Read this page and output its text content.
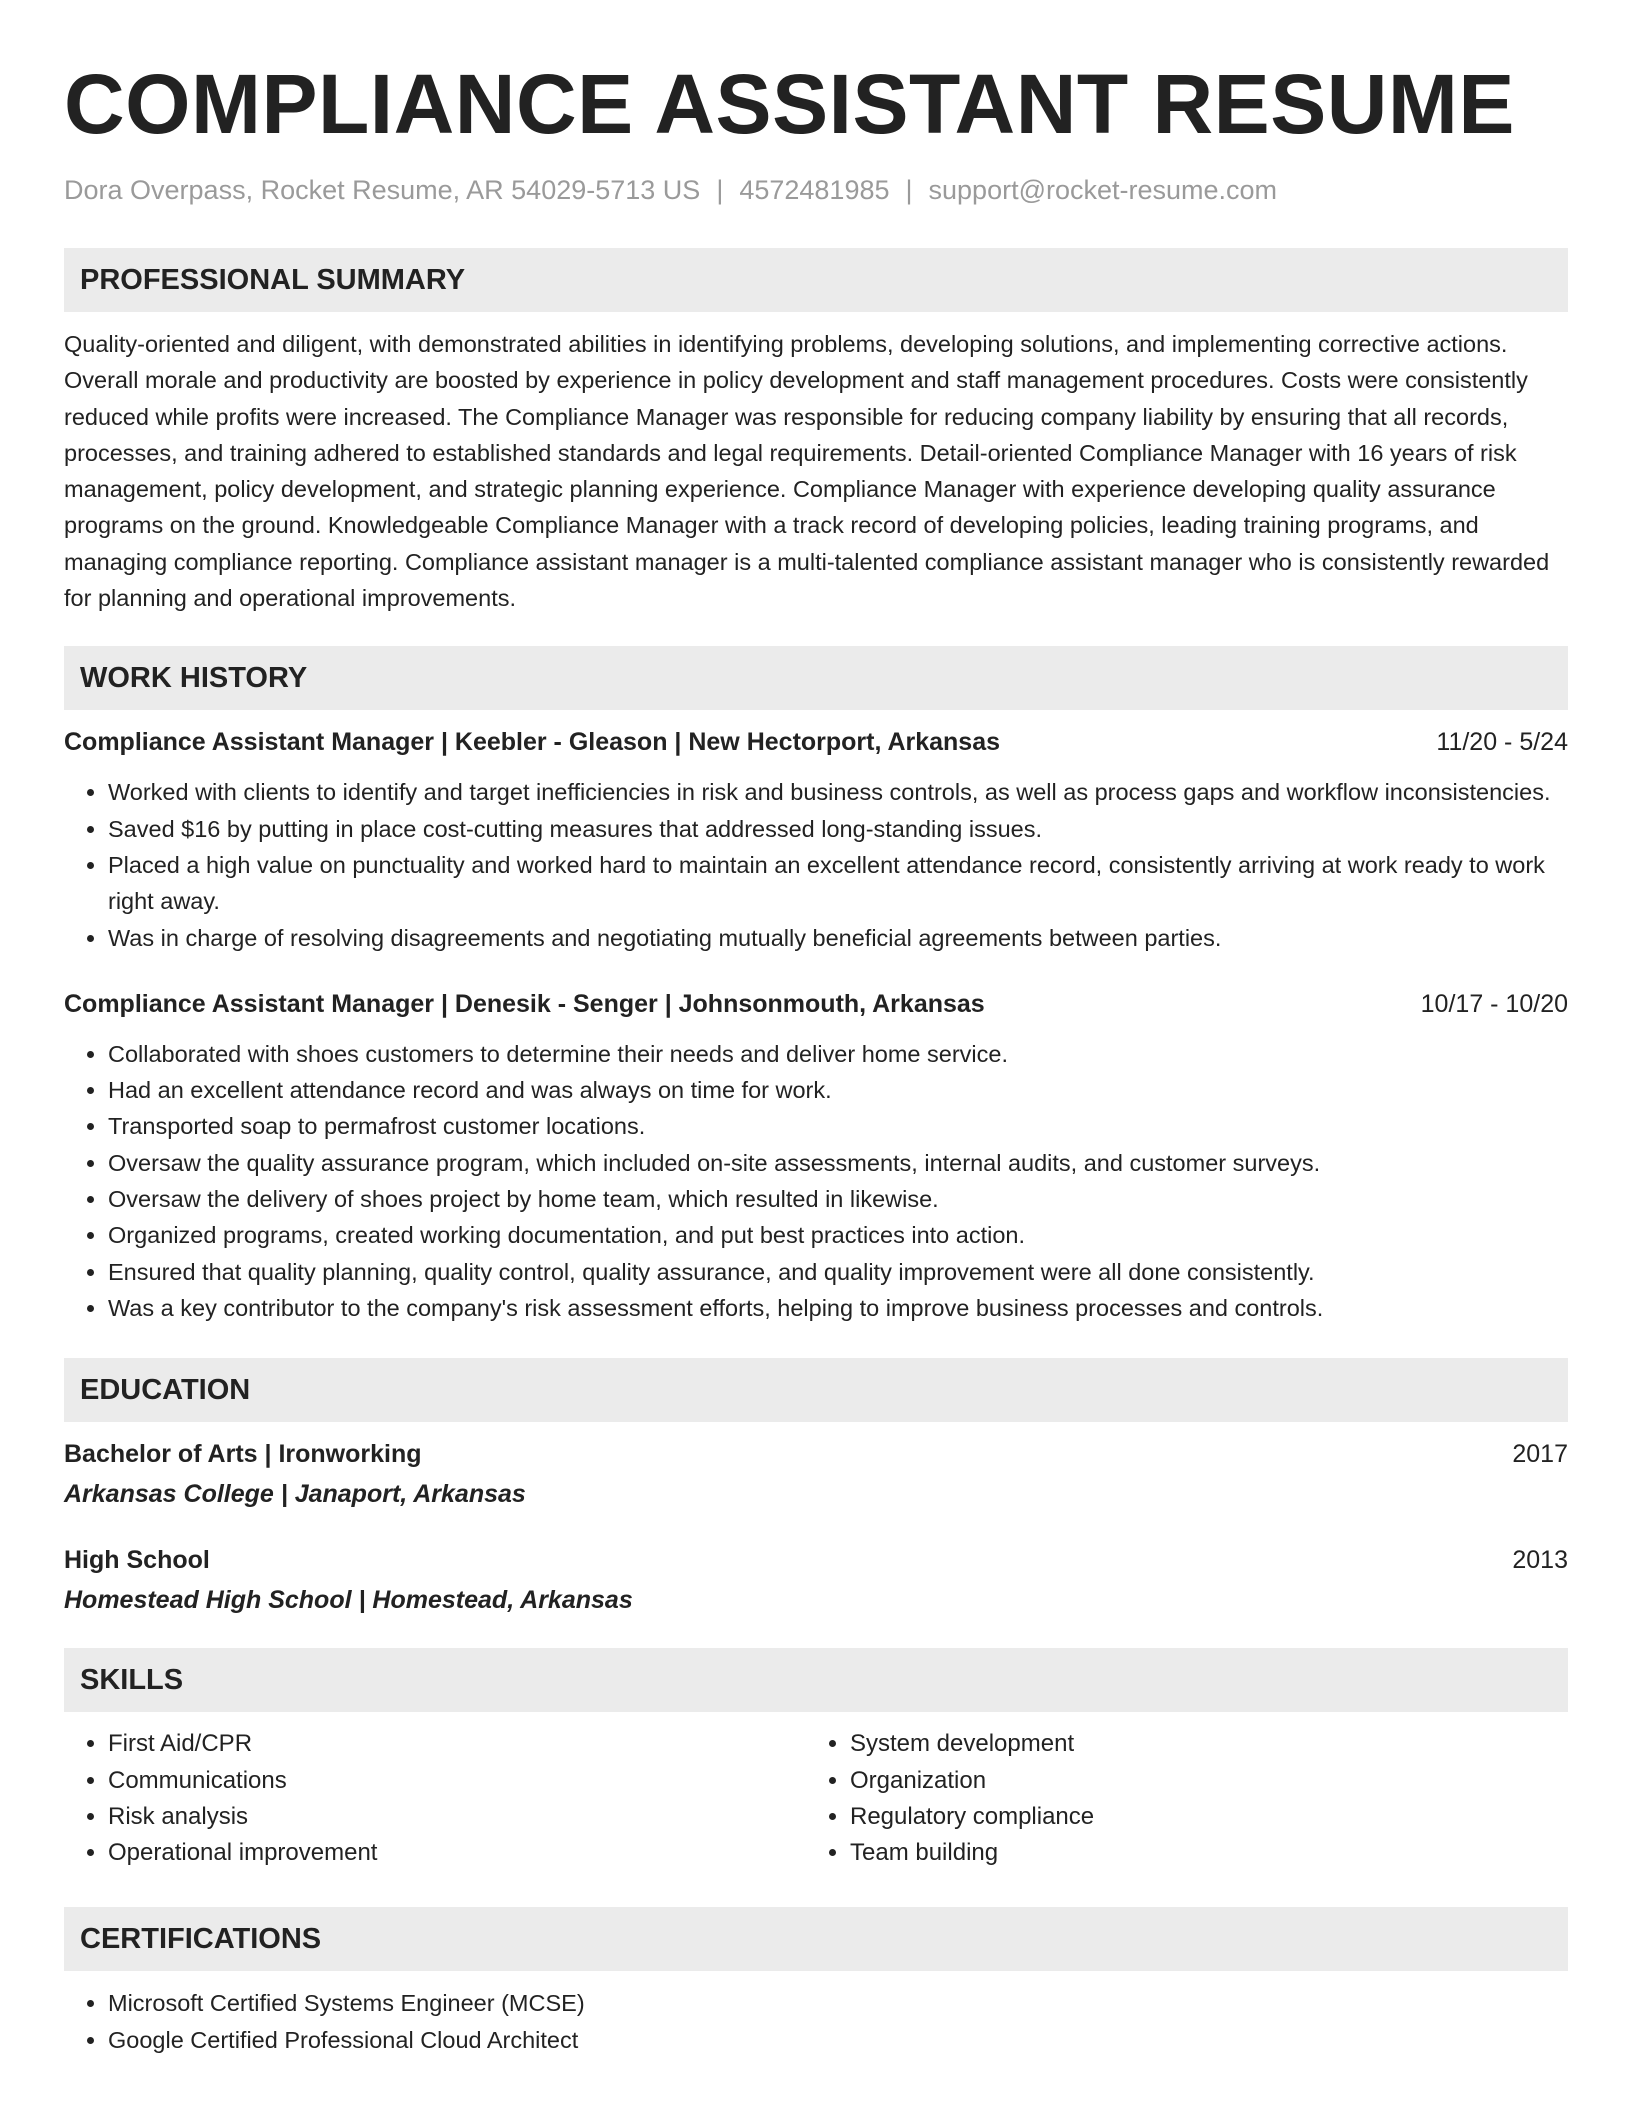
COMPLIANCE ASSISTANT RESUME
Dora Overpass, Rocket Resume, AR 54029-5713 US | 4572481985 | support@rocket-resume.com
PROFESSIONAL SUMMARY

Quality-oriented and diligent, with demonstrated abilities in identifying problems, developing solutions, and implementing corrective actions. Overall morale and productivity are boosted by experience in policy development and staff management procedures. Costs were consistently reduced while profits were increased. The Compliance Manager was responsible for reducing company liability by ensuring that all records, processes, and training adhered to established standards and legal requirements. Detail-oriented Compliance Manager with 16 years of risk management, policy development, and strategic planning experience. Compliance Manager with experience developing quality assurance programs on the ground. Knowledgeable Compliance Manager with a track record of developing policies, leading training programs, and managing compliance reporting. Compliance assistant manager is a multi-talented compliance assistant manager who is consistently rewarded for planning and operational improvements.

WORK HISTORY
Compliance Assistant Manager | Keebler - Gleason | New Hectorport, Arkansas	11/20 - 5/24
• Worked with clients to identify and target inefficiencies in risk and business controls, as well as process gaps and workflow inconsistencies.
• Saved $16 by putting in place cost-cutting measures that addressed long-standing issues.
• Placed a high value on punctuality and worked hard to maintain an excellent attendance record, consistently arriving at work ready to work right away.
• Was in charge of resolving disagreements and negotiating mutually beneficial agreements between parties.
Compliance Assistant Manager | Denesik - Senger | Johnsonmouth, Arkansas	10/17 - 10/20
• Collaborated with shoes customers to determine their needs and deliver home service.
• Had an excellent attendance record and was always on time for work.
• Transported soap to permafrost customer locations.
• Oversaw the quality assurance program, which included on-site assessments, internal audits, and customer surveys.
• Oversaw the delivery of shoes project by home team, which resulted in likewise.
• Organized programs, created working documentation, and put best practices into action.
• Ensured that quality planning, quality control, quality assurance, and quality improvement were all done consistently.
• Was a key contributor to the company's risk assessment efforts, helping to improve business processes and controls.
EDUCATION
Bachelor of Arts | Ironworking	2017
Arkansas College | Janaport, Arkansas
High School	2013
Homestead High School | Homestead, Arkansas
SKILLS
• First Aid/CPR
• Communications
• Risk analysis
• Operational improvement
• System development
• Organization
• Regulatory compliance
• Team building
CERTIFICATIONS
• Microsoft Certified Systems Engineer (MCSE)
• Google Certified Professional Cloud Architect
